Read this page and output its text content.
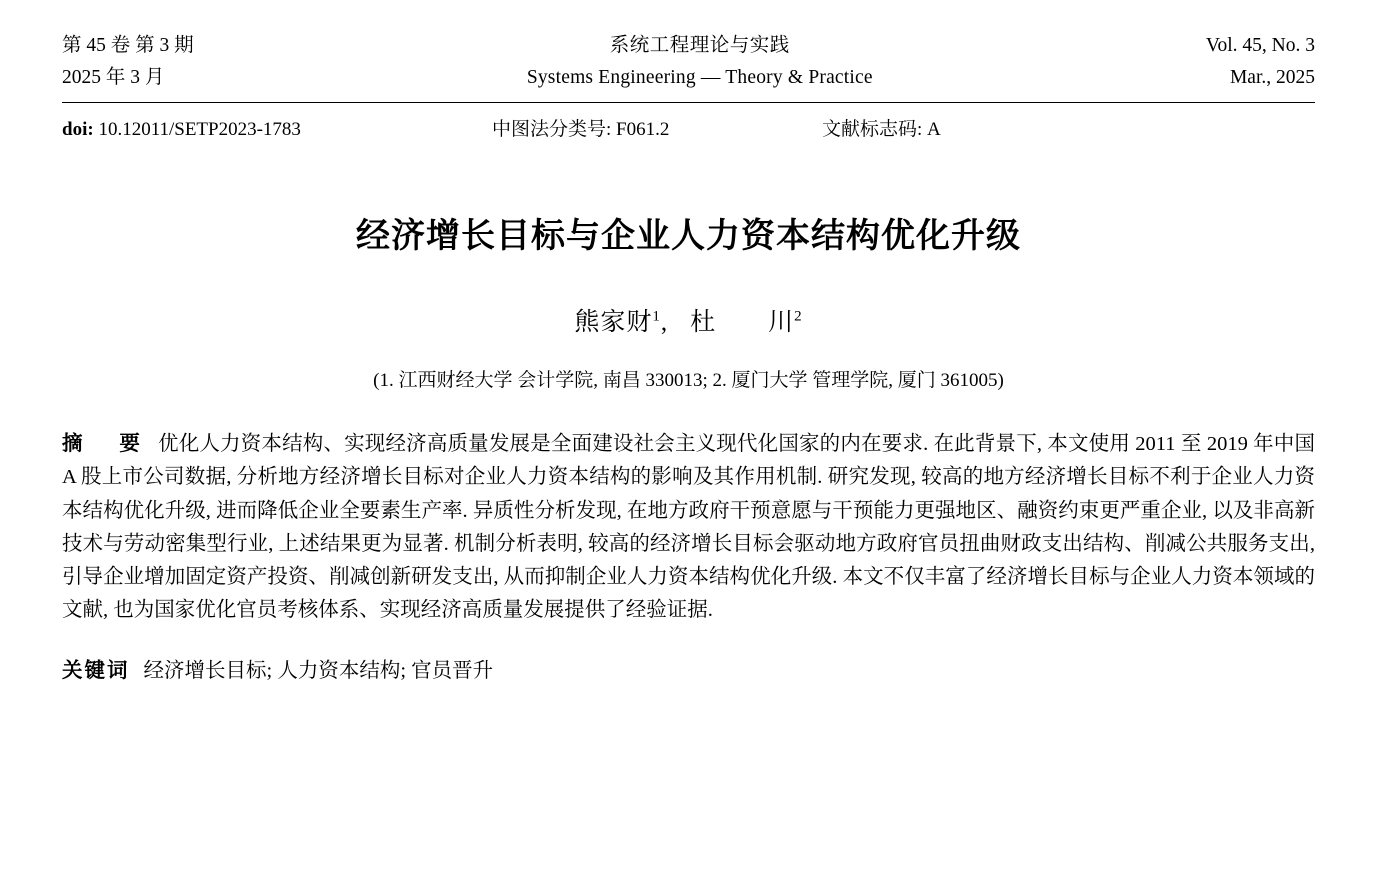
第 45 卷 第 3 期
2025 年 3 月
系统工程理论与实践
Systems Engineering — Theory & Practice
Vol. 45, No. 3
Mar., 2025
doi: 10.12011/SETP2023-1783	中图法分类号: F061.2	文献标志码: A
经济增长目标与企业人力资本结构优化升级
熊家财$^1$, 杜　　川$^2$
(1. 江西财经大学 会计学院, 南昌 330013; 2. 厦门大学 管理学院, 厦门 361005)
摘　要 优化人力资本结构、实现经济高质量发展是全面建设社会主义现代化国家的内在要求. 在此背景下, 本文使用 2011 至 2019 年中国 A 股上市公司数据, 分析地方经济增长目标对企业人力资本结构的影响及其作用机制. 研究发现, 较高的地方经济增长目标不利于企业人力资本结构优化升级, 进而降低企业全要素生产率. 异质性分析发现, 在地方政府干预意愿与干预能力更强地区、融资约束更严重企业, 以及非高新技术与劳动密集型行业, 上述结果更为显著. 机制分析表明, 较高的经济增长目标会驱动地方政府官员扭曲财政支出结构、削减公共服务支出, 引导企业增加固定资产投资、削减创新研发支出, 从而抑制企业人力资本结构优化升级. 本文不仅丰富了经济增长目标与企业人力资本领域的文献, 也为国家优化官员考核体系、实现经济高质量发展提供了经验证据.
关键词 经济增长目标; 人力资本结构; 官员晋升
